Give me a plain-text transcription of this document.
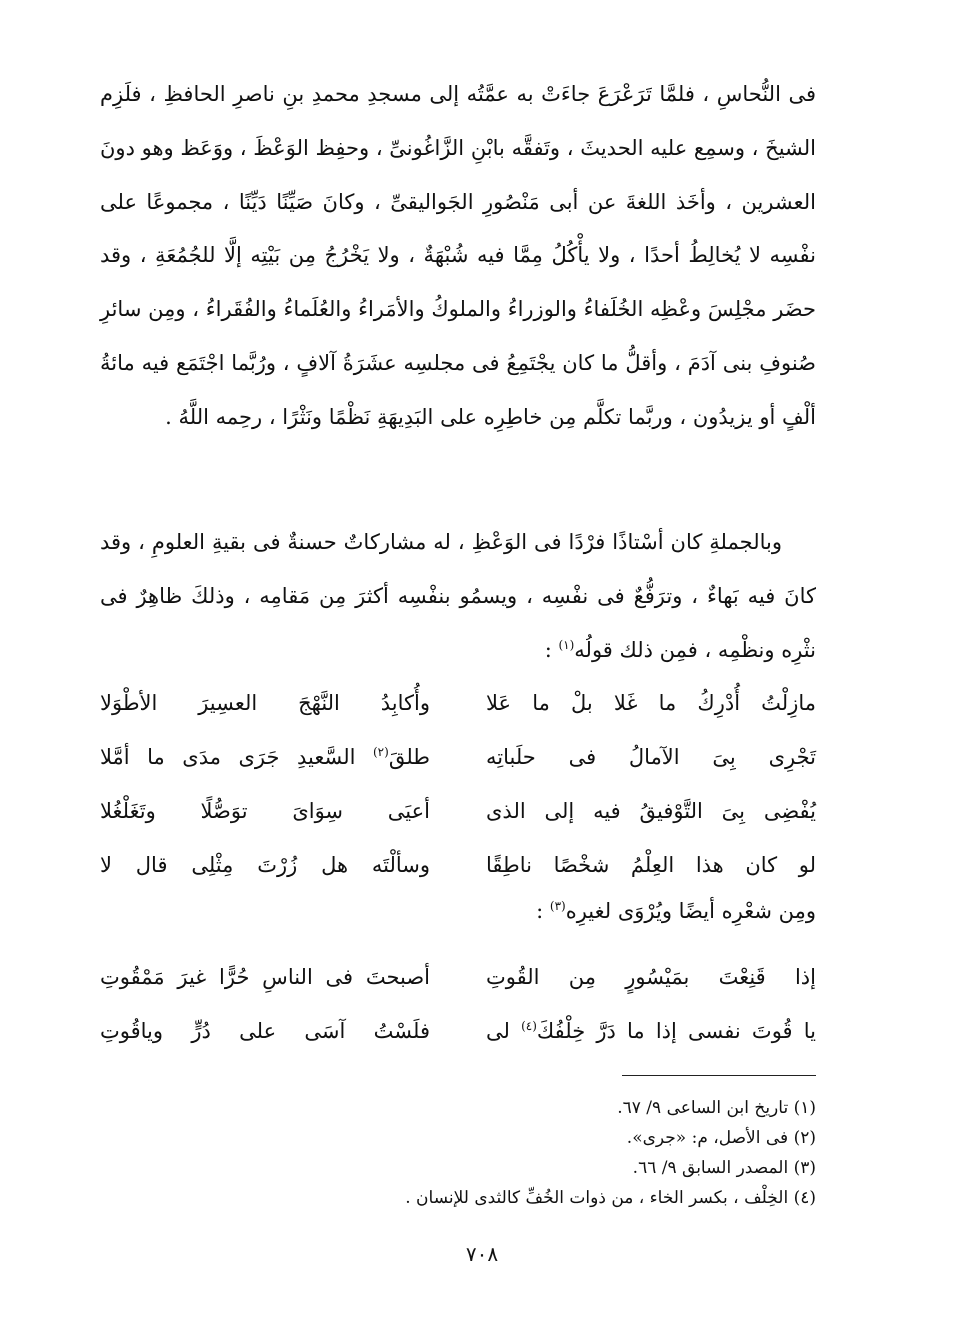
فى النُّحاسِ ، فلمَّا تَرَعْرَعَ جاءَتْ به عمَّتُه إلى مسجدِ محمدِ بنِ ناصرِ الحافظِ ، فلَزِم الشيخَ ، وسمِع عليه الحديثَ ، وتَفقَّه بابْنِ الزَّاغُونىِّ ، وحفِظ الوَعْظَ ، ووَعَظ وهو دونَ العشرين ، وأخَذ اللغةَ عن أبى مَنْصُورِ الجَواليقىِّ ، وكانَ صَيِّنًا دَيِّنًا ، مجموعًا على نفْسِه لا يُخالِطُ أحدًا ، ولا يأْكُلُ مِمَّا فيه شُبْهَةٌ ، ولا يَخْرُجُ مِن بَيْتِه إلَّا للجُمُعَةِ ، وقد حضَر مجْلِسَ وعْظِه الخُلَفاءُ والوزراءُ والملوكُ والأمَراءُ والعُلَماءُ والفُقَراءُ ، ومِن سائرِ صُنوفِ بنى آدَمَ ، وأقلُّ ما كان يجْتَمِعُ فى مجلسِه عشَرَةُ آلافٍ ، ورُبَّما اجْتَمَع فيه مائةُ ألْفٍ أو يزيدُون ، وربَّما تكلَّم مِن خاطِرِه على البَدِيهَةِ نَظْمًا ونَثْرًا ، رحِمه اللَّهُ .

وبالجملةِ كان أسْتاذًا فرْدًا فى الوَعْظِ ، له مشاركاتٌ حسنةٌ فى بقيةِ العلومِ ، وقد كانَ فيه بَهاءٌ ، وترَفُّعٌ فى نفْسِه ، ويسمُو بنفْسِه أكثرَ مِن مَقامِه ، وذلكَ ظاهِرٌ فى نثْرِه ونظْمِه ، فمِن ذلك قولُه$^{(١)}$ :

مازِلْتُ أُدْرِكُ ما غَلا بلْ ما عَلا
وأُكابِدُ النَّهْجَ العسِيرَ الأطْوَلا
تَجْرِى بِىَ الآمالُ فى حلَباتِه
طلقَ$^{(٢)}$ السَّعيدِ جَرَى مدَى ما أمَّلا
يُفْضِى بِىَ التَّوْفيقُ فيه إلى الذى
أعيَى سِوَاىَ توَصُّلًا وتَغَلْغُلا
لو كان هذا العِلْمُ شخْصًا ناطِقًا
وسألْتَه هل زُرْتَ مِثْلِى قال لا
ومِن شعْرِه أيضًا ويُرْوَى لغيرِه$^{(٣)}$ :
إذا قَنِعْتَ بمَيْسُورٍ مِن القُوتِ
أصبحتَ فى الناسِ حُرًّا غيرَ مَمْقُوتِ
يا قُوتَ نفسى إذا ما دَرَّ خِلْفُكَ$^{(٤)}$ لى
فلَسْتُ آسَى على دُرٍّ وياقُوتِ
(١) تاريخ ابن الساعى ٩/ ٦٧.
(٢) فى الأصل، م: «جرى».
(٣) المصدر السابق ٩/ ٦٦.
(٤) الخِلْف ، بكسر الخاء ، من ذوات الخُفِّ كالثدى للإنسان .
٧٠٨
